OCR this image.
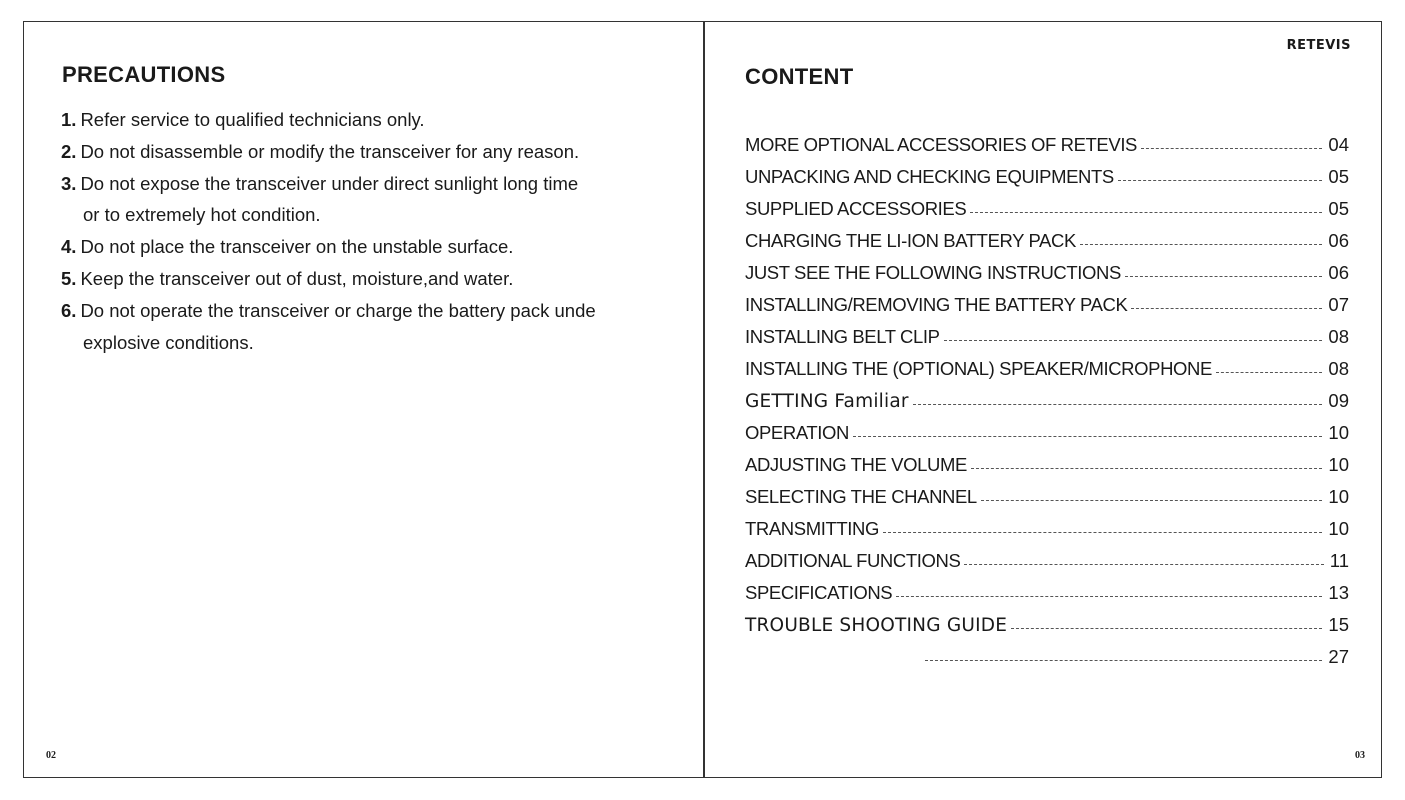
PRECAUTIONS
1. Refer service to qualified technicians only.
2. Do not disassemble or modify the transceiver for any reason.
3. Do not expose the transceiver under direct sunlight long time
or to extremely hot condition.
4. Do not place the transceiver on the unstable surface.
5. Keep the transceiver out of dust, moisture,and water.
6. Do not operate the transceiver or charge the battery pack unde
explosive conditions.
02
RETEVIS
CONTENT
MORE OPTIONAL ACCESSORIES OF RETEVIS	04
UNPACKING AND CHECKING EQUIPMENTS	05
SUPPLIED ACCESSORIES	05
CHARGING THE LI-ION BATTERY PACK	06
JUST SEE THE FOLLOWING INSTRUCTIONS	06
INSTALLING/REMOVING THE BATTERY PACK	07
INSTALLING BELT CLIP	08
INSTALLING THE (OPTIONAL) SPEAKER/MICROPHONE	08
GETTING Familiar	09
OPERATION	10
ADJUSTING THE VOLUME	10
SELECTING THE CHANNEL	10
TRANSMITTING	10
ADDITIONAL FUNCTIONS	11
SPECIFICATIONS	13
TROUBLE SHOOTING GUIDE	15
27
03
